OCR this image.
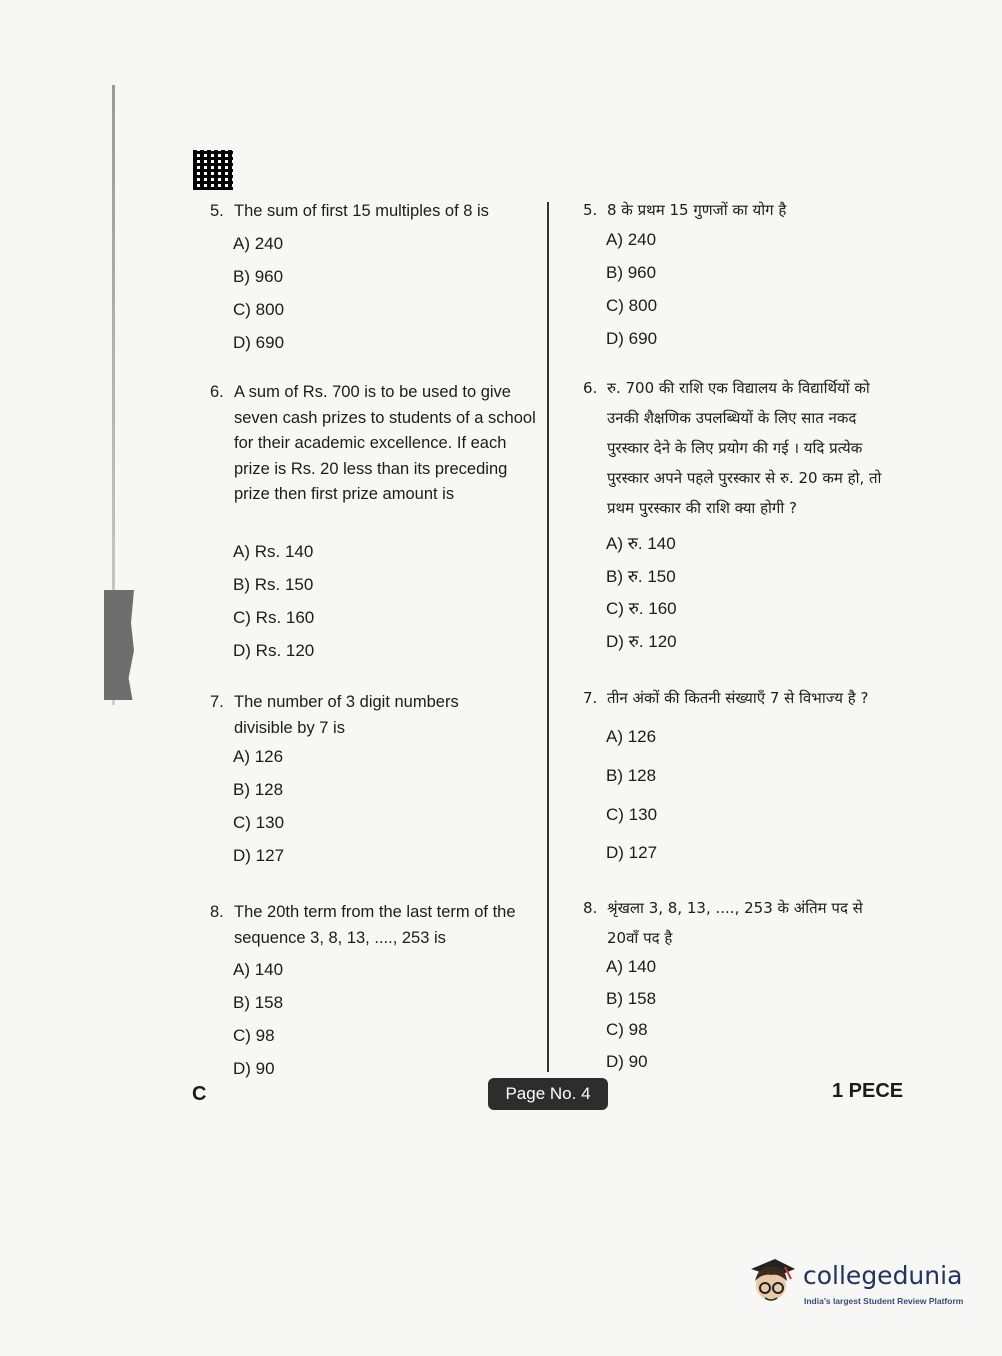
5. The sum of first 15 multiples of 8 is

A) 240
B) 960
C) 800
D) 690

6. A sum of Rs. 700 is to be used to give seven cash prizes to students of a school for their academic excellence. If each prize is Rs. 20 less than its preceding prize then first prize amount is

A) Rs. 140
B) Rs. 150
C) Rs. 160
D) Rs. 120

7. The number of 3 digit numbers divisible by 7 is

A) 126
B) 128
C) 130
D) 127

8. The 20th term from the last term of the sequence 3, 8, 13, ...., 253 is

A) 140
B) 158
C) 98
D) 90

5. 8 के प्रथम 15 गुणजों का योग है

A) 240
B) 960
C) 800
D) 690

6. रु. 700 की राशि एक विद्यालय के विद्यार्थियों को उनकी शैक्षणिक उपलब्धियों के लिए सात नकद पुरस्कार देने के लिए प्रयोग की गई । यदि प्रत्येक पुरस्कार अपने पहले पुरस्कार से रु. 20 कम हो, तो प्रथम पुरस्कार की राशि क्या होगी ?

A) रु. 140
B) रु. 150
C) रु. 160
D) रु. 120

7. तीन अंकों की कितनी संख्याएँ 7 से विभाज्य है ?

A) 126
B) 128
C) 130
D) 127

8. श्रृंखला 3, 8, 13, ...., 253 के अंतिम पद से 20वाँ पद है

A) 140
B) 158
C) 98
D) 90
C	Page No. 4	1 PECE
collegedunia
India's largest Student Review Platform
